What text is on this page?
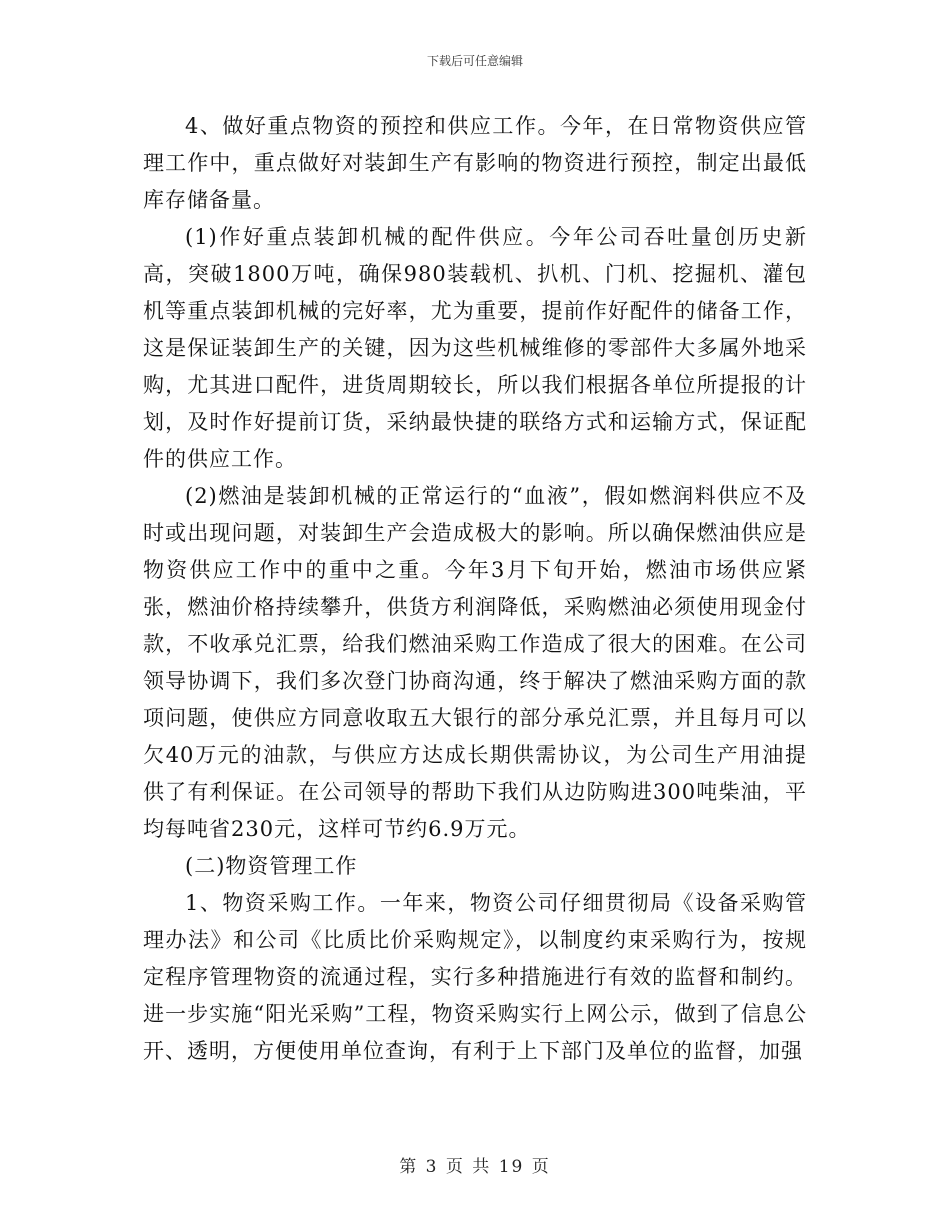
下载后可任意编辑

4、做好重点物资的预控和供应工作。今年，在日常物资供应管理工作中，重点做好对装卸生产有影响的物资进行预控，制定出最低库存储备量。

(1)作好重点装卸机械的配件供应。今年公司吞吐量创历史新高，突破1800万吨，确保980装载机、扒机、门机、挖掘机、灌包机等重点装卸机械的完好率，尤为重要，提前作好配件的储备工作，这是保证装卸生产的关键，因为这些机械维修的零部件大多属外地采购，尤其进口配件，进货周期较长，所以我们根据各单位所提报的计划，及时作好提前订货，采纳最快捷的联络方式和运输方式，保证配件的供应工作。

(2)燃油是装卸机械的正常运行的“血液”，假如燃润料供应不及时或出现问题，对装卸生产会造成极大的影响。所以确保燃油供应是物资供应工作中的重中之重。今年3月下旬开始，燃油市场供应紧张，燃油价格持续攀升，供货方利润降低，采购燃油必须使用现金付款，不收承兑汇票，给我们燃油采购工作造成了很大的困难。在公司领导协调下，我们多次登门协商沟通，终于解决了燃油采购方面的款项问题，使供应方同意收取五大银行的部分承兑汇票，并且每月可以欠40万元的油款，与供应方达成长期供需协议，为公司生产用油提供了有利保证。在公司领导的帮助下我们从边防购进300吨柴油，平均每吨省230元，这样可节约6.9万元。

(二)物资管理工作

1、物资采购工作。一年来，物资公司仔细贯彻局《设备采购管理办法》和公司《比质比价采购规定》，以制度约束采购行为，按规定程序管理物资的流通过程，实行多种措施进行有效的监督和制约。进一步实施“阳光采购”工程，物资采购实行上网公示，做到了信息公开、透明，方便使用单位查询，有利于上下部门及单位的监督，加强

第 3 页 共 19 页
